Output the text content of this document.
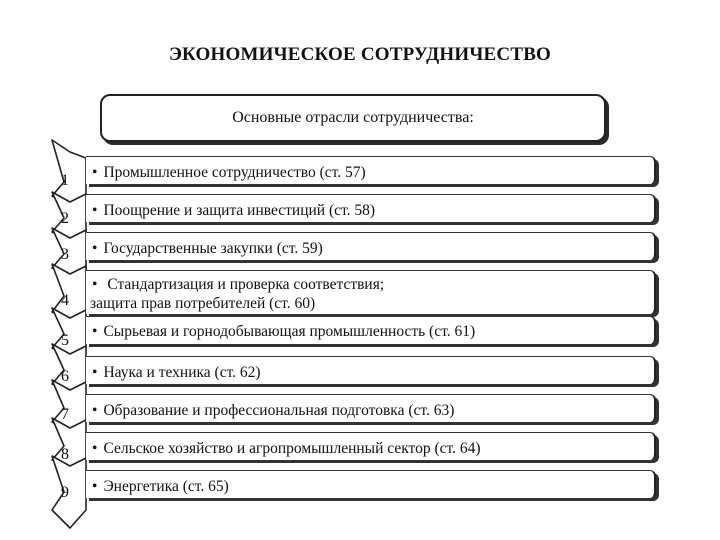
ЭКОНОМИЧЕСКОЕ СОТРУДНИЧЕСТВО
Основные отрасли сотрудничества:
1
2
3
4
5
6
7
8
9
• Промышленное сотрудничество (ст. 57)
• Поощрение и защита инвестиций (ст. 58)
• Государственные закупки (ст. 59)
• Стандартизация и проверка соответствия;
защита прав потребителей (ст. 60)
• Сырьевая и горнодобывающая промышленность (ст. 61)
• Наука и техника (ст. 62)
• Образование и профессиональная подготовка (ст. 63)
• Сельское хозяйство и агропромышленный сектор (ст. 64)
• Энергетика (ст. 65)
